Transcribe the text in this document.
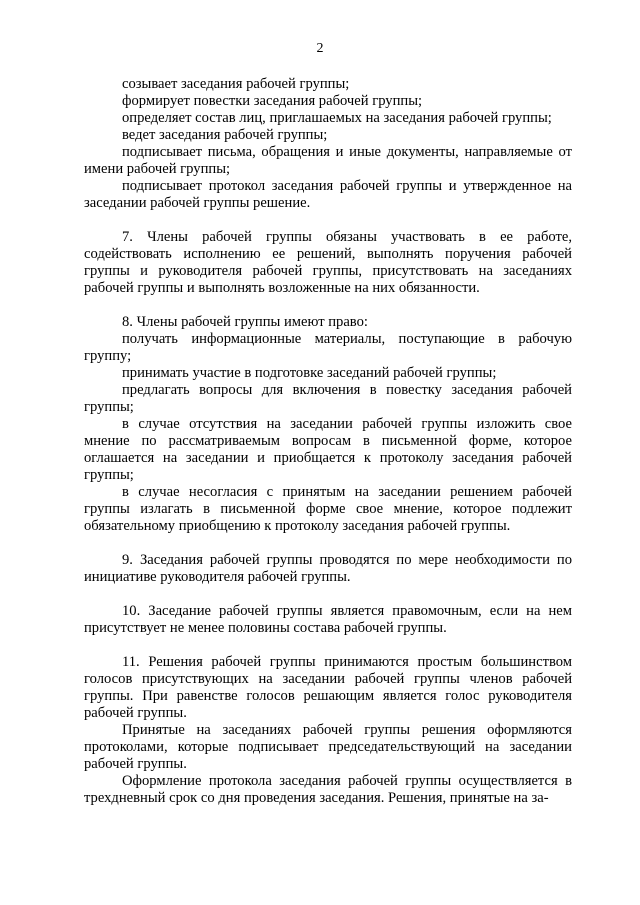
2

созывает заседания рабочей группы;

формирует повестки заседания рабочей группы;

определяет состав лиц, приглашаемых на заседания рабочей группы;

ведет заседания рабочей группы;

подписывает письма, обращения и иные документы, направляемые от имени рабочей группы;

подписывает протокол заседания рабочей группы и утвержденное на заседании рабочей группы решение.

7. Члены рабочей группы обязаны участвовать в ее работе, содействовать исполнению ее решений, выполнять поручения рабочей группы и руководителя рабочей группы, присутствовать на заседаниях рабочей группы и выполнять возложенные на них обязанности.

8. Члены рабочей группы имеют право:

получать информационные материалы, поступающие в рабочую группу;

принимать участие в подготовке заседаний рабочей группы;

предлагать вопросы для включения в повестку заседания рабочей группы;

в случае отсутствия на заседании рабочей группы изложить свое мнение по рассматриваемым вопросам в письменной форме, которое оглашается на заседании и приобщается к протоколу заседания рабочей группы;

в случае несогласия с принятым на заседании решением рабочей группы излагать в письменной форме свое мнение, которое подлежит обязательному приобщению к протоколу заседания рабочей группы.

9. Заседания рабочей группы проводятся по мере необходимости по инициативе руководителя рабочей группы.

10. Заседание рабочей группы является правомочным, если на нем присутствует не менее половины состава рабочей группы.

11. Решения рабочей группы принимаются простым большинством голосов присутствующих на заседании рабочей группы членов рабочей группы. При равенстве голосов решающим является голос руководителя рабочей группы.

Принятые на заседаниях рабочей группы решения оформляются протоколами, которые подписывает председательствующий на заседании рабочей группы.

Оформление протокола заседания рабочей группы осуществляется в трехдневный срок со дня проведения заседания. Решения, принятые на за-
